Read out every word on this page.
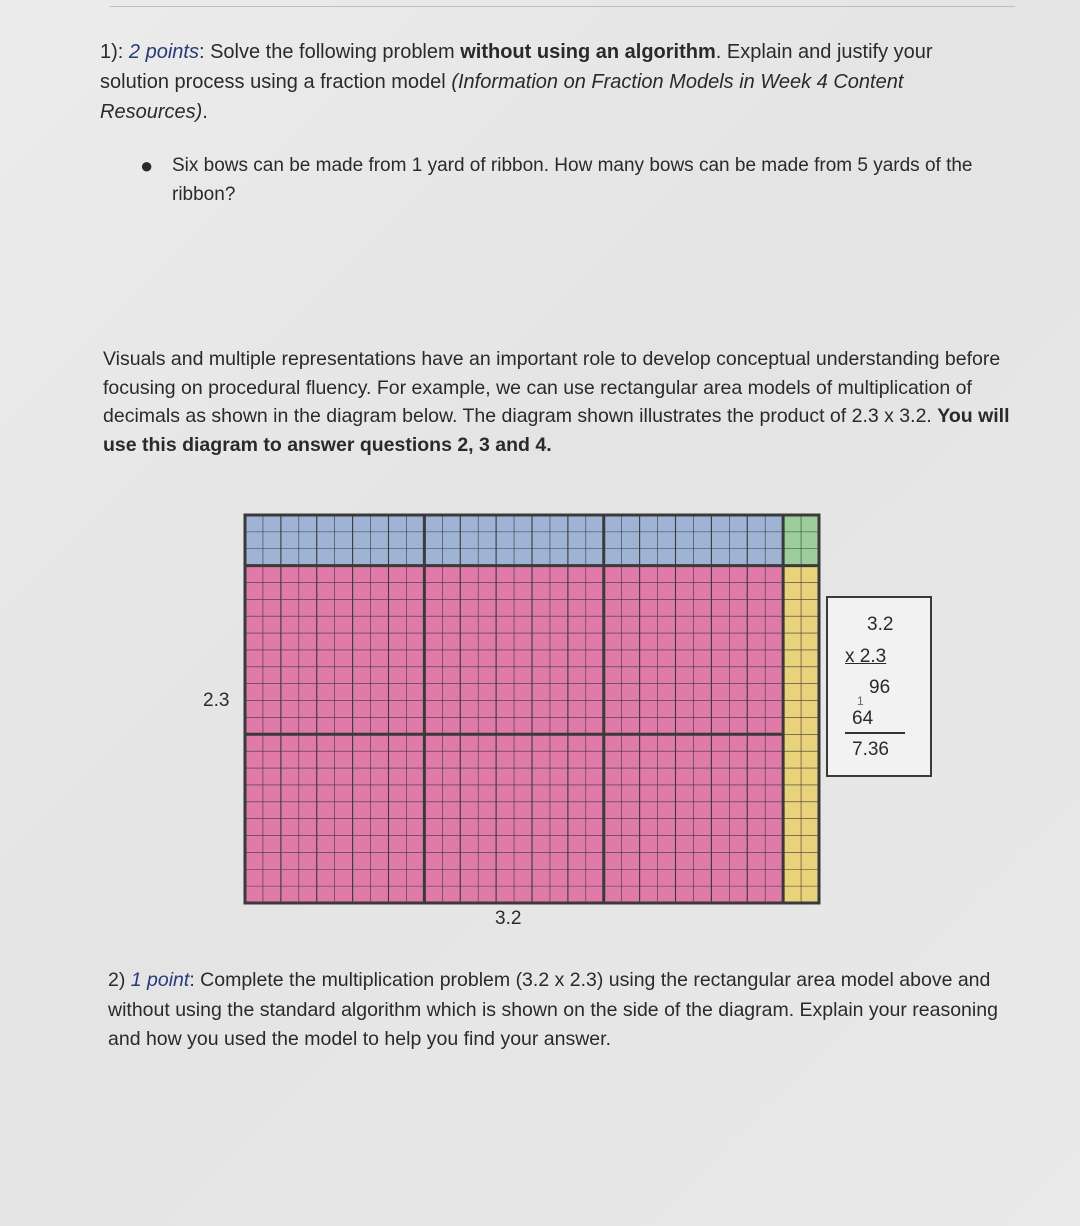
1): 2 points: Solve the following problem without using an algorithm. Explain and justify your solution process using a fraction model (Information on Fraction Models in Week 4 Content Resources).
● Six bows can be made from 1 yard of ribbon. How many bows can be made from 5 yards of the ribbon?
Visuals and multiple representations have an important role to develop conceptual understanding before focusing on procedural fluency. For example, we can use rectangular area models of multiplication of decimals as shown in the diagram below. The diagram shown illustrates the product of 2.3 x 3.2. You will use this diagram to answer questions 2, 3 and 4.
2.3
3.2
3.2
x 2.3
96
1
64
7.36
2) 1 point: Complete the multiplication problem (3.2 x 2.3) using the rectangular area model above and without using the standard algorithm which is shown on the side of the diagram. Explain your reasoning and how you used the model to help you find your answer.
